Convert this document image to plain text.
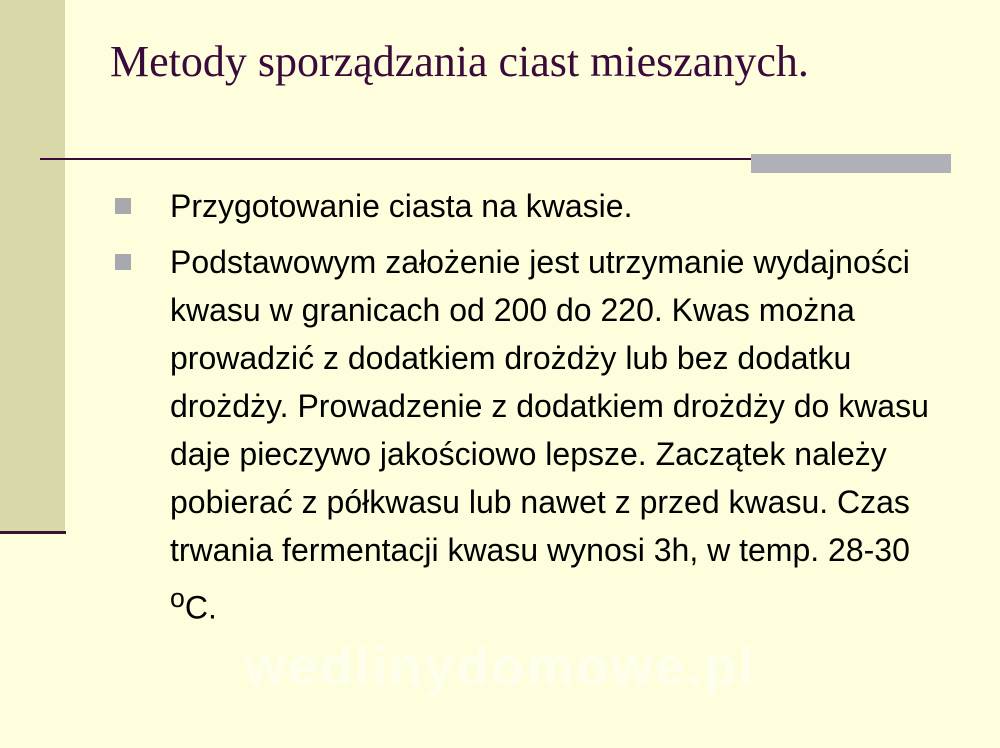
Metody sporządzania ciast mieszanych.
Przygotowanie ciasta na kwasie.
Podstawowym założenie jest utrzymanie wydajności kwasu w granicach od 200 do 220. Kwas można prowadzić z dodatkiem drożdży lub bez dodatku drożdży. Prowadzenie z dodatkiem drożdży do kwasu daje pieczywo jakościowo lepsze. Zaczątek należy pobierać z półkwasu lub nawet z przed kwasu. Czas trwania fermentacji kwasu wynosi 3h, w temp. 28-30 $^o$C.
wedlinydomowe.pl
